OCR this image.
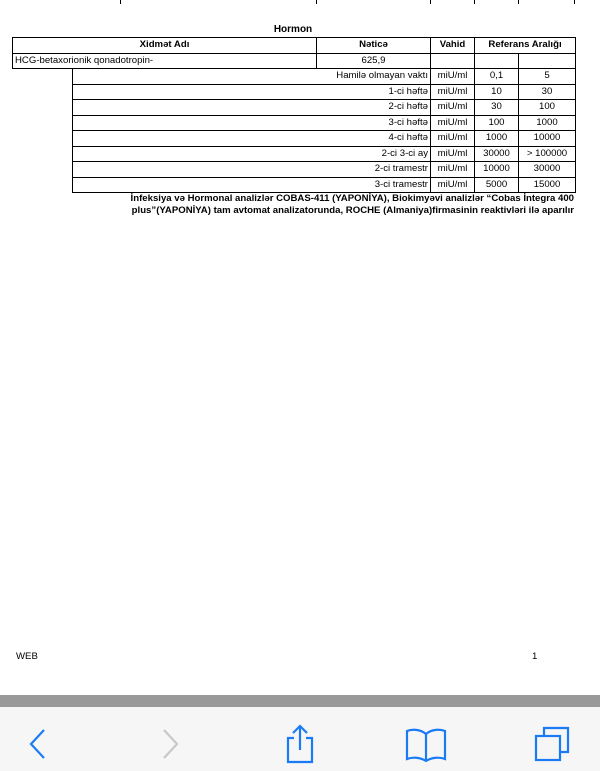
Hormon
Xidmət Adı		Nəticə	Vahid	Referans Aralığı	
HCG-betaxorionik qonadotropin-		625,9			
	Hamilə olmayan vaktı		miU/ml	0,1	5
	1-ci həftə		miU/ml	10	30
	2-ci həftə		miU/ml	30	100
	3-ci həftə		miU/ml	100	1000
	4-ci həftə		miU/ml	1000	10000
	2-ci 3-ci ay		miU/ml	30000	> 100000
	2-ci tramestr		miU/ml	10000	30000
	3-ci tramestr		miU/ml	5000	15000
İnfeksiya və Hormonal analizlər COBAS-411 (YAPONİYA), Biokimyəvi analizlər “Cobas İntegra 400
plus”(YAPONİYA) tam avtomat analizatorunda, ROCHE (Almaniya)firmasinin reaktivləri ilə aparılır
WEB	1
